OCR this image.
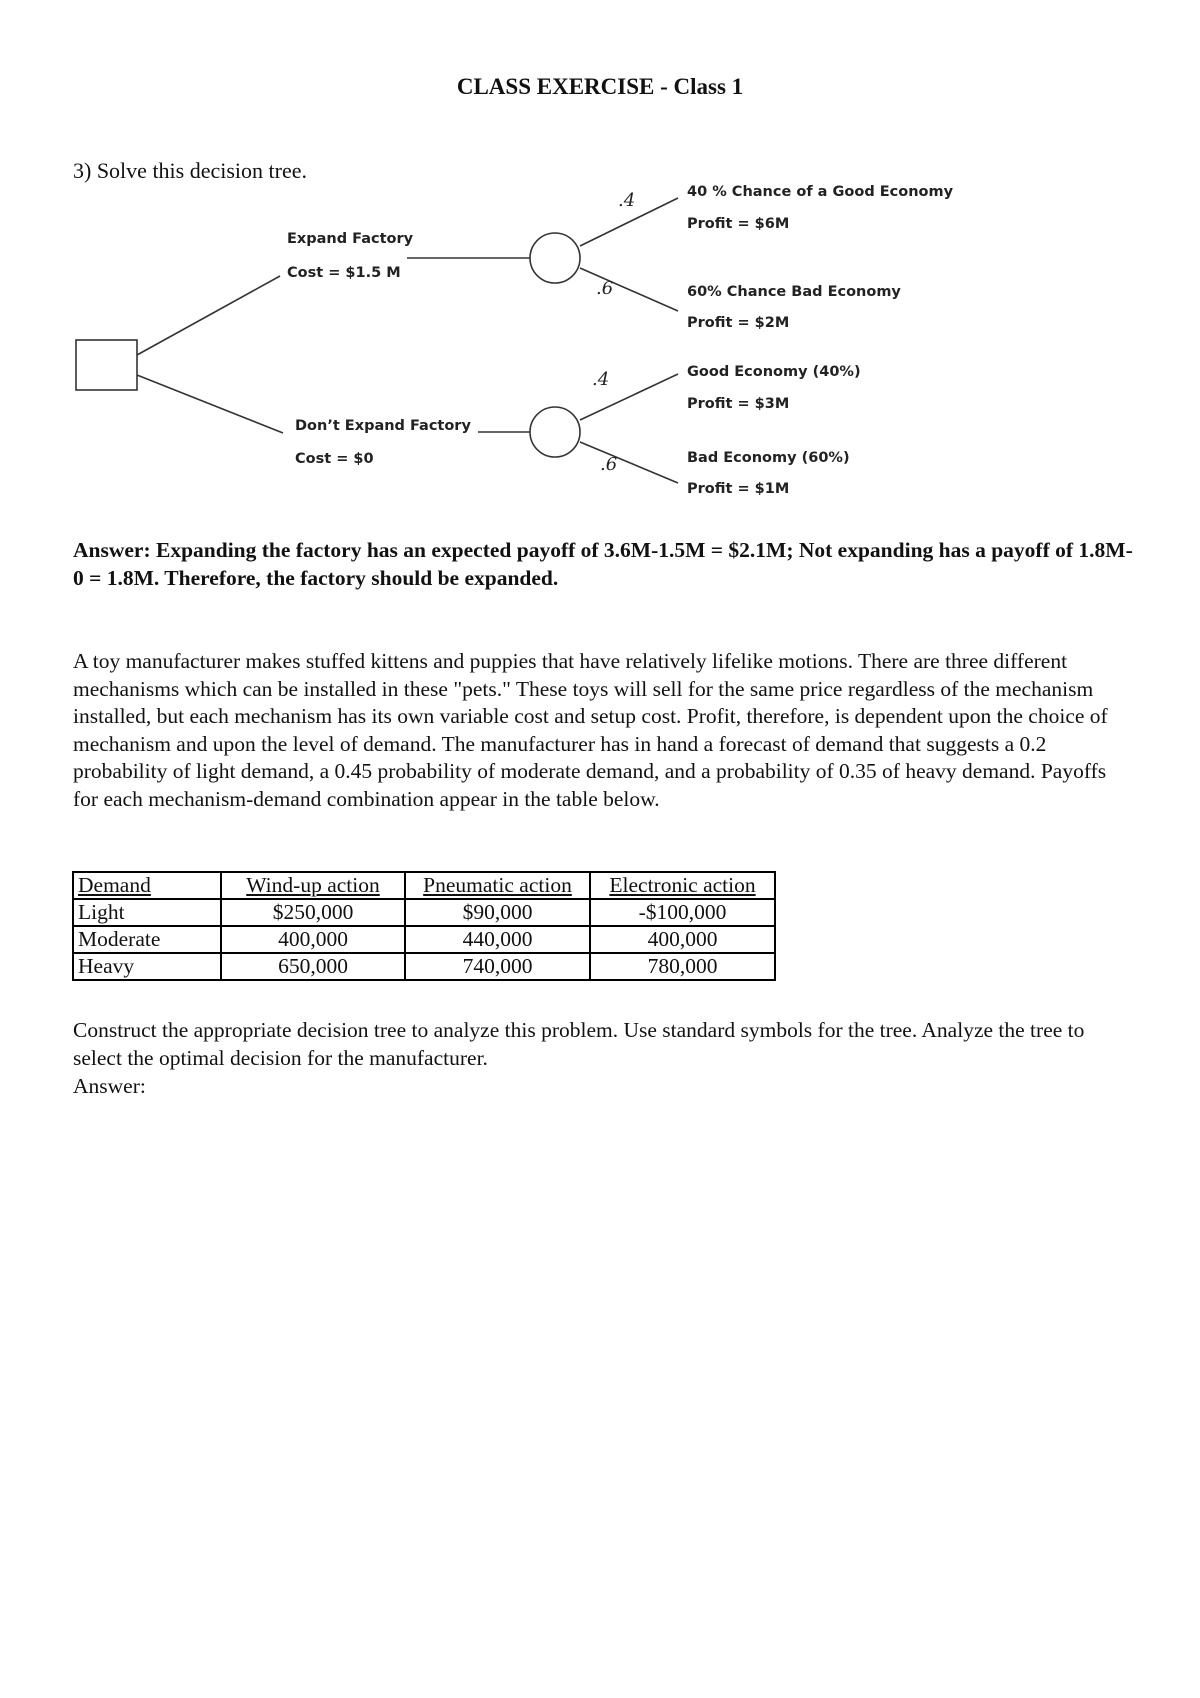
CLASS EXERCISE - Class 1
3) Solve this decision tree.
Expand Factory
Cost = $1.5 M
Don’t Expand Factory
Cost = $0
.4
.6
.4
.6
40 % Chance of a Good Economy
Profit = $6M
60% Chance Bad Economy
Profit = $2M
Good Economy (40%)
Profit = $3M
Bad Economy (60%)
Profit = $1M
Answer: Expanding the factory has an expected payoff of 3.6M-1.5M = $2.1M; Not expanding has a payoff of 1.8M-0 = 1.8M. Therefore, the factory should be expanded.
A toy manufacturer makes stuffed kittens and puppies that have relatively lifelike motions. There are three different mechanisms which can be installed in these "pets." These toys will sell for the same price regardless of the mechanism installed, but each mechanism has its own variable cost and setup cost. Profit, therefore, is dependent upon the choice of mechanism and upon the level of demand. The manufacturer has in hand a forecast of demand that suggests a 0.2 probability of light demand, a 0.45 probability of moderate demand, and a probability of 0.35 of heavy demand. Payoffs for each mechanism-demand combination appear in the table below.
Demand	Wind-up action	Pneumatic action	Electronic action
Light	$250,000	$90,000	-$100,000
Moderate	400,000	440,000	400,000
Heavy	650,000	740,000	780,000
Construct the appropriate decision tree to analyze this problem. Use standard symbols for the tree. Analyze the tree to select the optimal decision for the manufacturer.
Answer:
